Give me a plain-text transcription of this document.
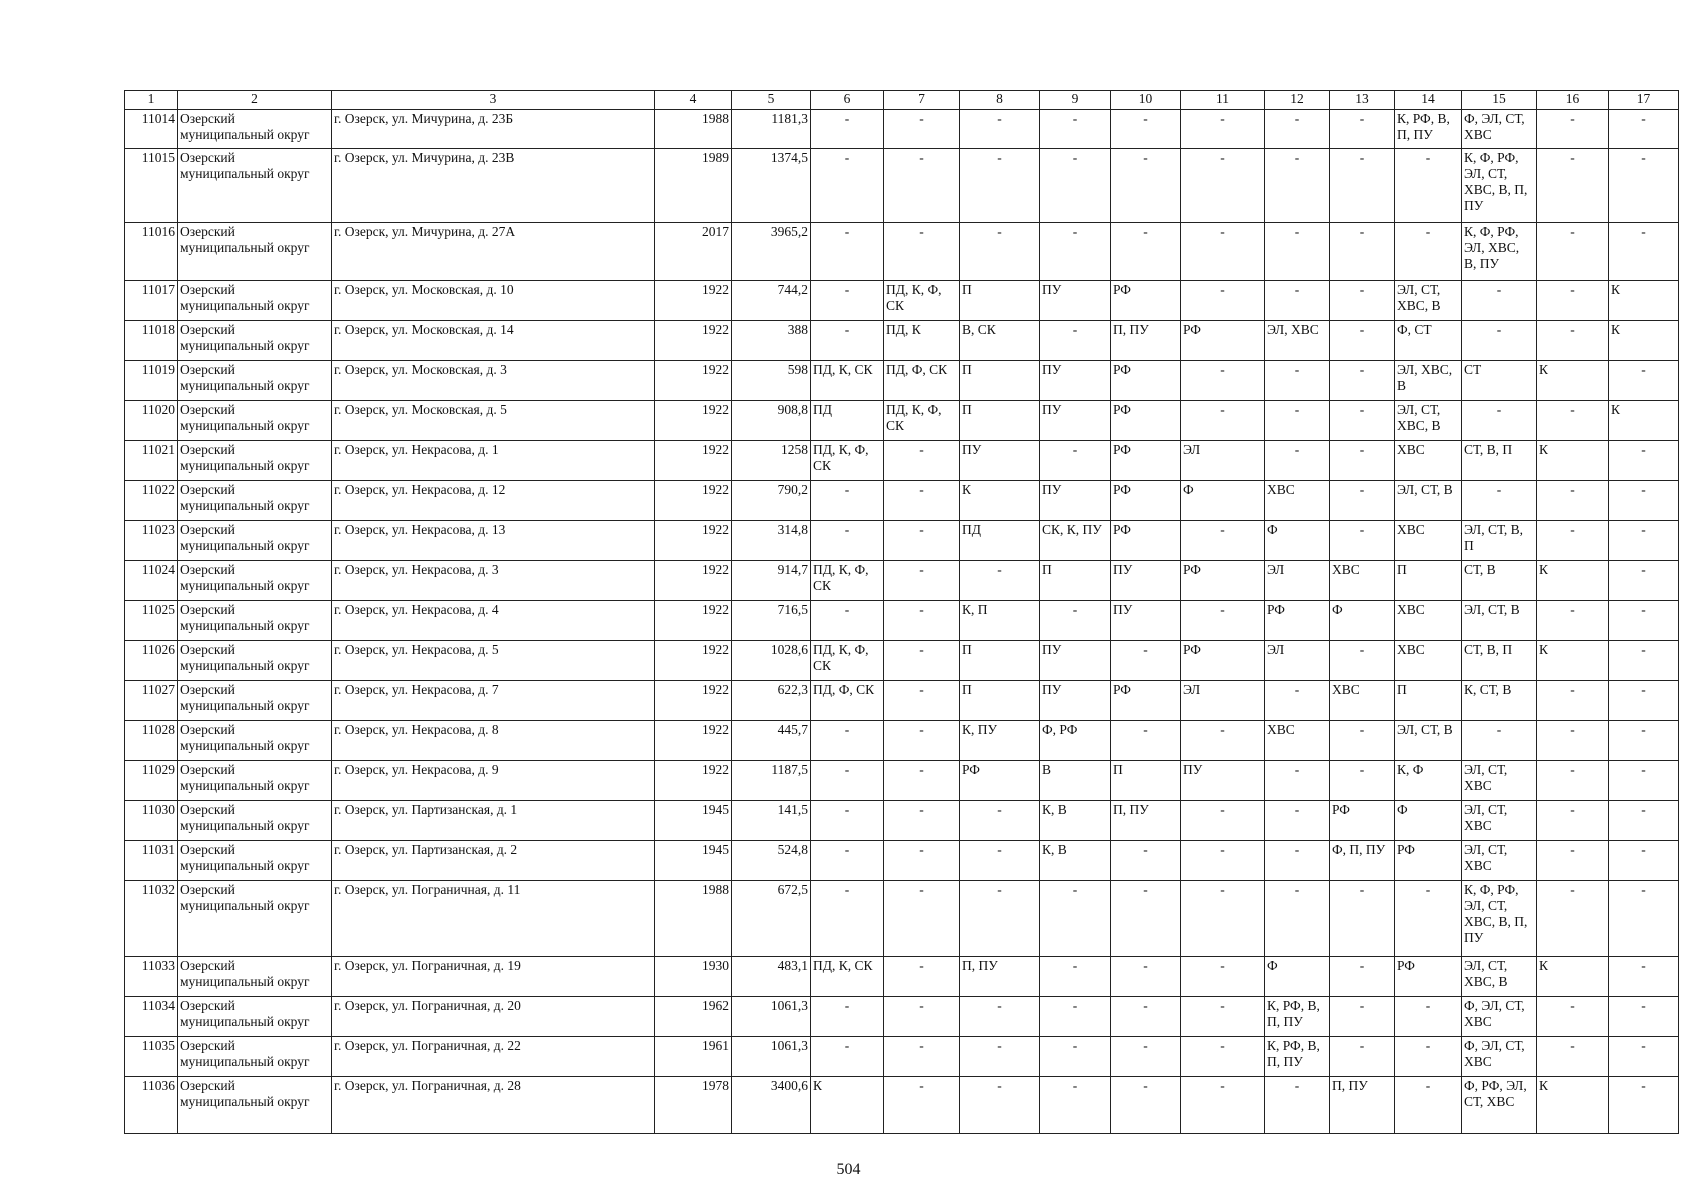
1	2	3	4	5	6	7	8	9	10	11	12	13	14	15	16	17
11014	Озерский муниципальный округ	г. Озерск, ул. Мичурина, д. 23Б	1988	1181,3	-	-	-	-	-	-	-	-	К, РФ, В, П, ПУ	Ф, ЭЛ, СТ, ХВС	-	-
11015	Озерский муниципальный округ	г. Озерск, ул. Мичурина, д. 23В	1989	1374,5	-	-	-	-	-	-	-	-	-	К, Ф, РФ, ЭЛ, СТ, ХВС, В, П, ПУ	-	-
11016	Озерский муниципальный округ	г. Озерск, ул. Мичурина, д. 27А	2017	3965,2	-	-	-	-	-	-	-	-	-	К, Ф, РФ, ЭЛ, ХВС, В, ПУ	-	-
11017	Озерский муниципальный округ	г. Озерск, ул. Московская, д. 10	1922	744,2	-	ПД, К, Ф, СК	П	ПУ	РФ	-	-	-	ЭЛ, СТ, ХВС, В	-	-	К
11018	Озерский муниципальный округ	г. Озерск, ул. Московская, д. 14	1922	388	-	ПД, К	В, СК	-	П, ПУ	РФ	ЭЛ, ХВС	-	Ф, СТ	-	-	К
11019	Озерский муниципальный округ	г. Озерск, ул. Московская, д. 3	1922	598	ПД, К, СК	ПД, Ф, СК	П	ПУ	РФ	-	-	-	ЭЛ, ХВС, В	СТ	К	-
11020	Озерский муниципальный округ	г. Озерск, ул. Московская, д. 5	1922	908,8	ПД	ПД, К, Ф, СК	П	ПУ	РФ	-	-	-	ЭЛ, СТ, ХВС, В	-	-	К
11021	Озерский муниципальный округ	г. Озерск, ул. Некрасова, д. 1	1922	1258	ПД, К, Ф, СК	-	ПУ	-	РФ	ЭЛ	-	-	ХВС	СТ, В, П	К	-
11022	Озерский муниципальный округ	г. Озерск, ул. Некрасова, д. 12	1922	790,2	-	-	К	ПУ	РФ	Ф	ХВС	-	ЭЛ, СТ, В	-	-	-
11023	Озерский муниципальный округ	г. Озерск, ул. Некрасова, д. 13	1922	314,8	-	-	ПД	СК, К, ПУ	РФ	-	Ф	-	ХВС	ЭЛ, СТ, В, П	-	-
11024	Озерский муниципальный округ	г. Озерск, ул. Некрасова, д. 3	1922	914,7	ПД, К, Ф, СК	-	-	П	ПУ	РФ	ЭЛ	ХВС	П	СТ, В	К	-
11025	Озерский муниципальный округ	г. Озерск, ул. Некрасова, д. 4	1922	716,5	-	-	К, П	-	ПУ	-	РФ	Ф	ХВС	ЭЛ, СТ, В	-	-
11026	Озерский муниципальный округ	г. Озерск, ул. Некрасова, д. 5	1922	1028,6	ПД, К, Ф, СК	-	П	ПУ	-	РФ	ЭЛ	-	ХВС	СТ, В, П	К	-
11027	Озерский муниципальный округ	г. Озерск, ул. Некрасова, д. 7	1922	622,3	ПД, Ф, СК	-	П	ПУ	РФ	ЭЛ	-	ХВС	П	К, СТ, В	-	-
11028	Озерский муниципальный округ	г. Озерск, ул. Некрасова, д. 8	1922	445,7	-	-	К, ПУ	Ф, РФ	-	-	ХВС	-	ЭЛ, СТ, В	-	-	-
11029	Озерский муниципальный округ	г. Озерск, ул. Некрасова, д. 9	1922	1187,5	-	-	РФ	В	П	ПУ	-	-	К, Ф	ЭЛ, СТ, ХВС	-	-
11030	Озерский муниципальный округ	г. Озерск, ул. Партизанская, д. 1	1945	141,5	-	-	-	К, В	П, ПУ	-	-	РФ	Ф	ЭЛ, СТ, ХВС	-	-
11031	Озерский муниципальный округ	г. Озерск, ул. Партизанская, д. 2	1945	524,8	-	-	-	К, В	-	-	-	Ф, П, ПУ	РФ	ЭЛ, СТ, ХВС	-	-
11032	Озерский муниципальный округ	г. Озерск, ул. Пограничная, д. 11	1988	672,5	-	-	-	-	-	-	-	-	-	К, Ф, РФ, ЭЛ, СТ, ХВС, В, П, ПУ	-	-
11033	Озерский муниципальный округ	г. Озерск, ул. Пограничная, д. 19	1930	483,1	ПД, К, СК	-	П, ПУ	-	-	-	Ф	-	РФ	ЭЛ, СТ, ХВС, В	К	-
11034	Озерский муниципальный округ	г. Озерск, ул. Пограничная, д. 20	1962	1061,3	-	-	-	-	-	-	К, РФ, В, П, ПУ	-	-	Ф, ЭЛ, СТ, ХВС	-	-
11035	Озерский муниципальный округ	г. Озерск, ул. Пограничная, д. 22	1961	1061,3	-	-	-	-	-	-	К, РФ, В, П, ПУ	-	-	Ф, ЭЛ, СТ, ХВС	-	-
11036	Озерский муниципальный округ	г. Озерск, ул. Пограничная, д. 28	1978	3400,6	К	-	-	-	-	-	-	П, ПУ	-	Ф, РФ, ЭЛ, СТ, ХВС	К	-
504
